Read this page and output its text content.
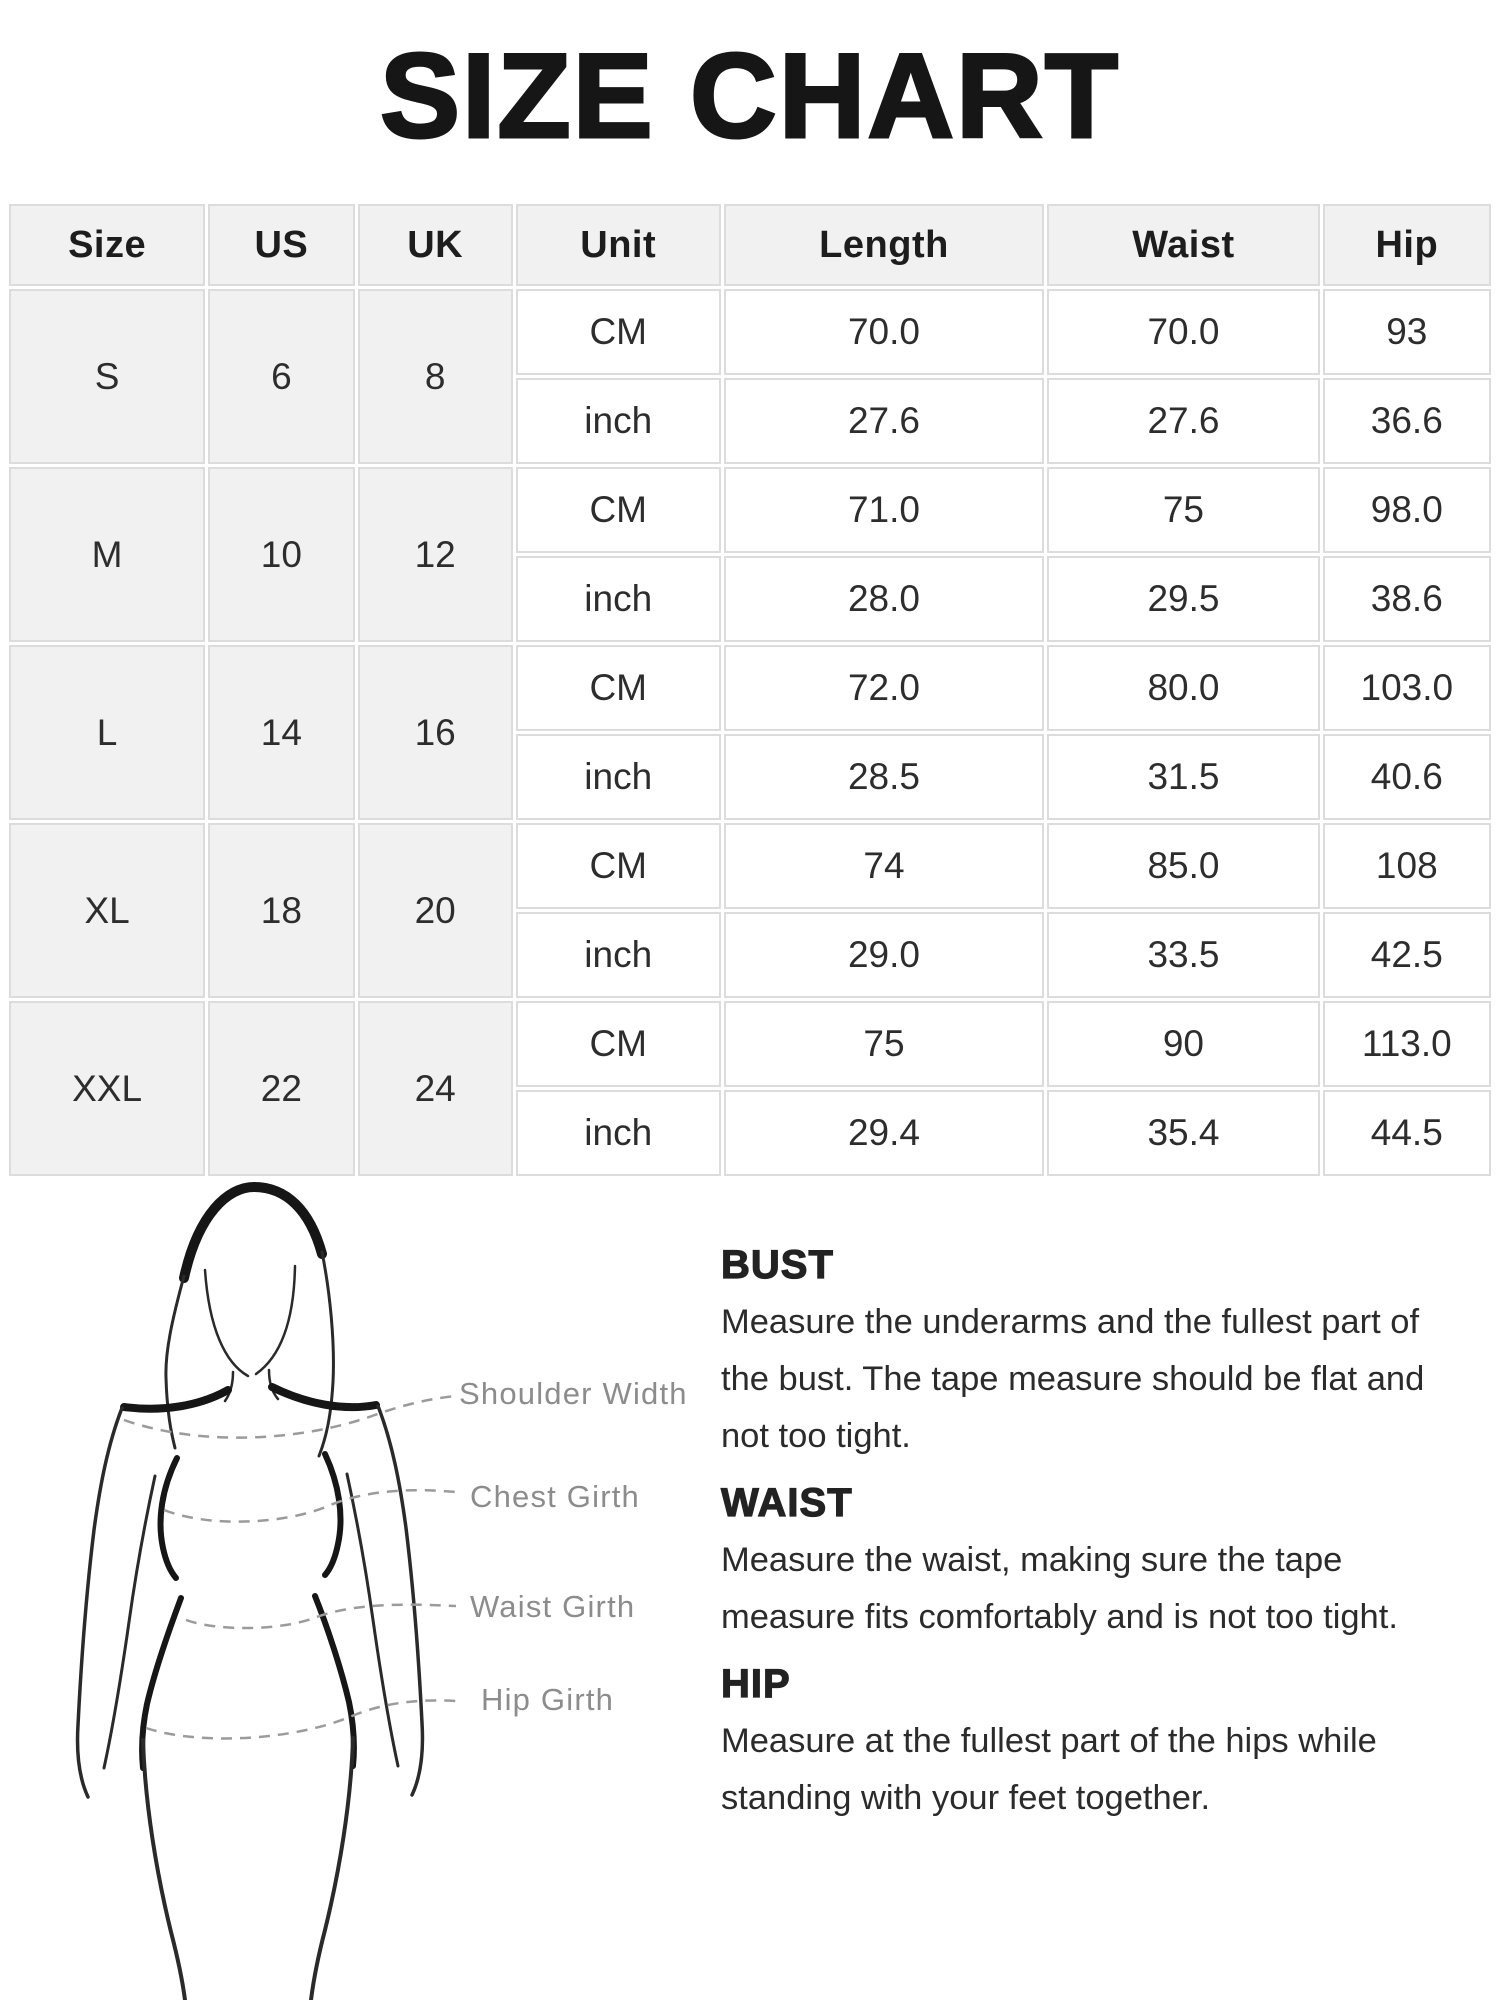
SIZE CHART
Size	US	UK	Unit	Length	Waist	Hip
S	6	8	CM	70.0	70.0	93
			inch	27.6	27.6	36.6
M	10	12	CM	71.0	75	98.0
			inch	28.0	29.5	38.6
L	14	16	CM	72.0	80.0	103.0
			inch	28.5	31.5	40.6
XL	18	20	CM	74	85.0	108
			inch	29.0	33.5	42.5
XXL	22	24	CM	75	90	113.0
			inch	29.4	35.4	44.5
Shoulder Width
Chest Girth
Waist Girth
Hip Girth
BUST

Measure the underarms and the fullest part of the bust. The tape measure should be flat and not too tight.

WAIST

Measure the waist, making sure the tape measure fits comfortably and is not too tight.

HIP

Measure at the fullest part of the hips while standing with your feet together.
